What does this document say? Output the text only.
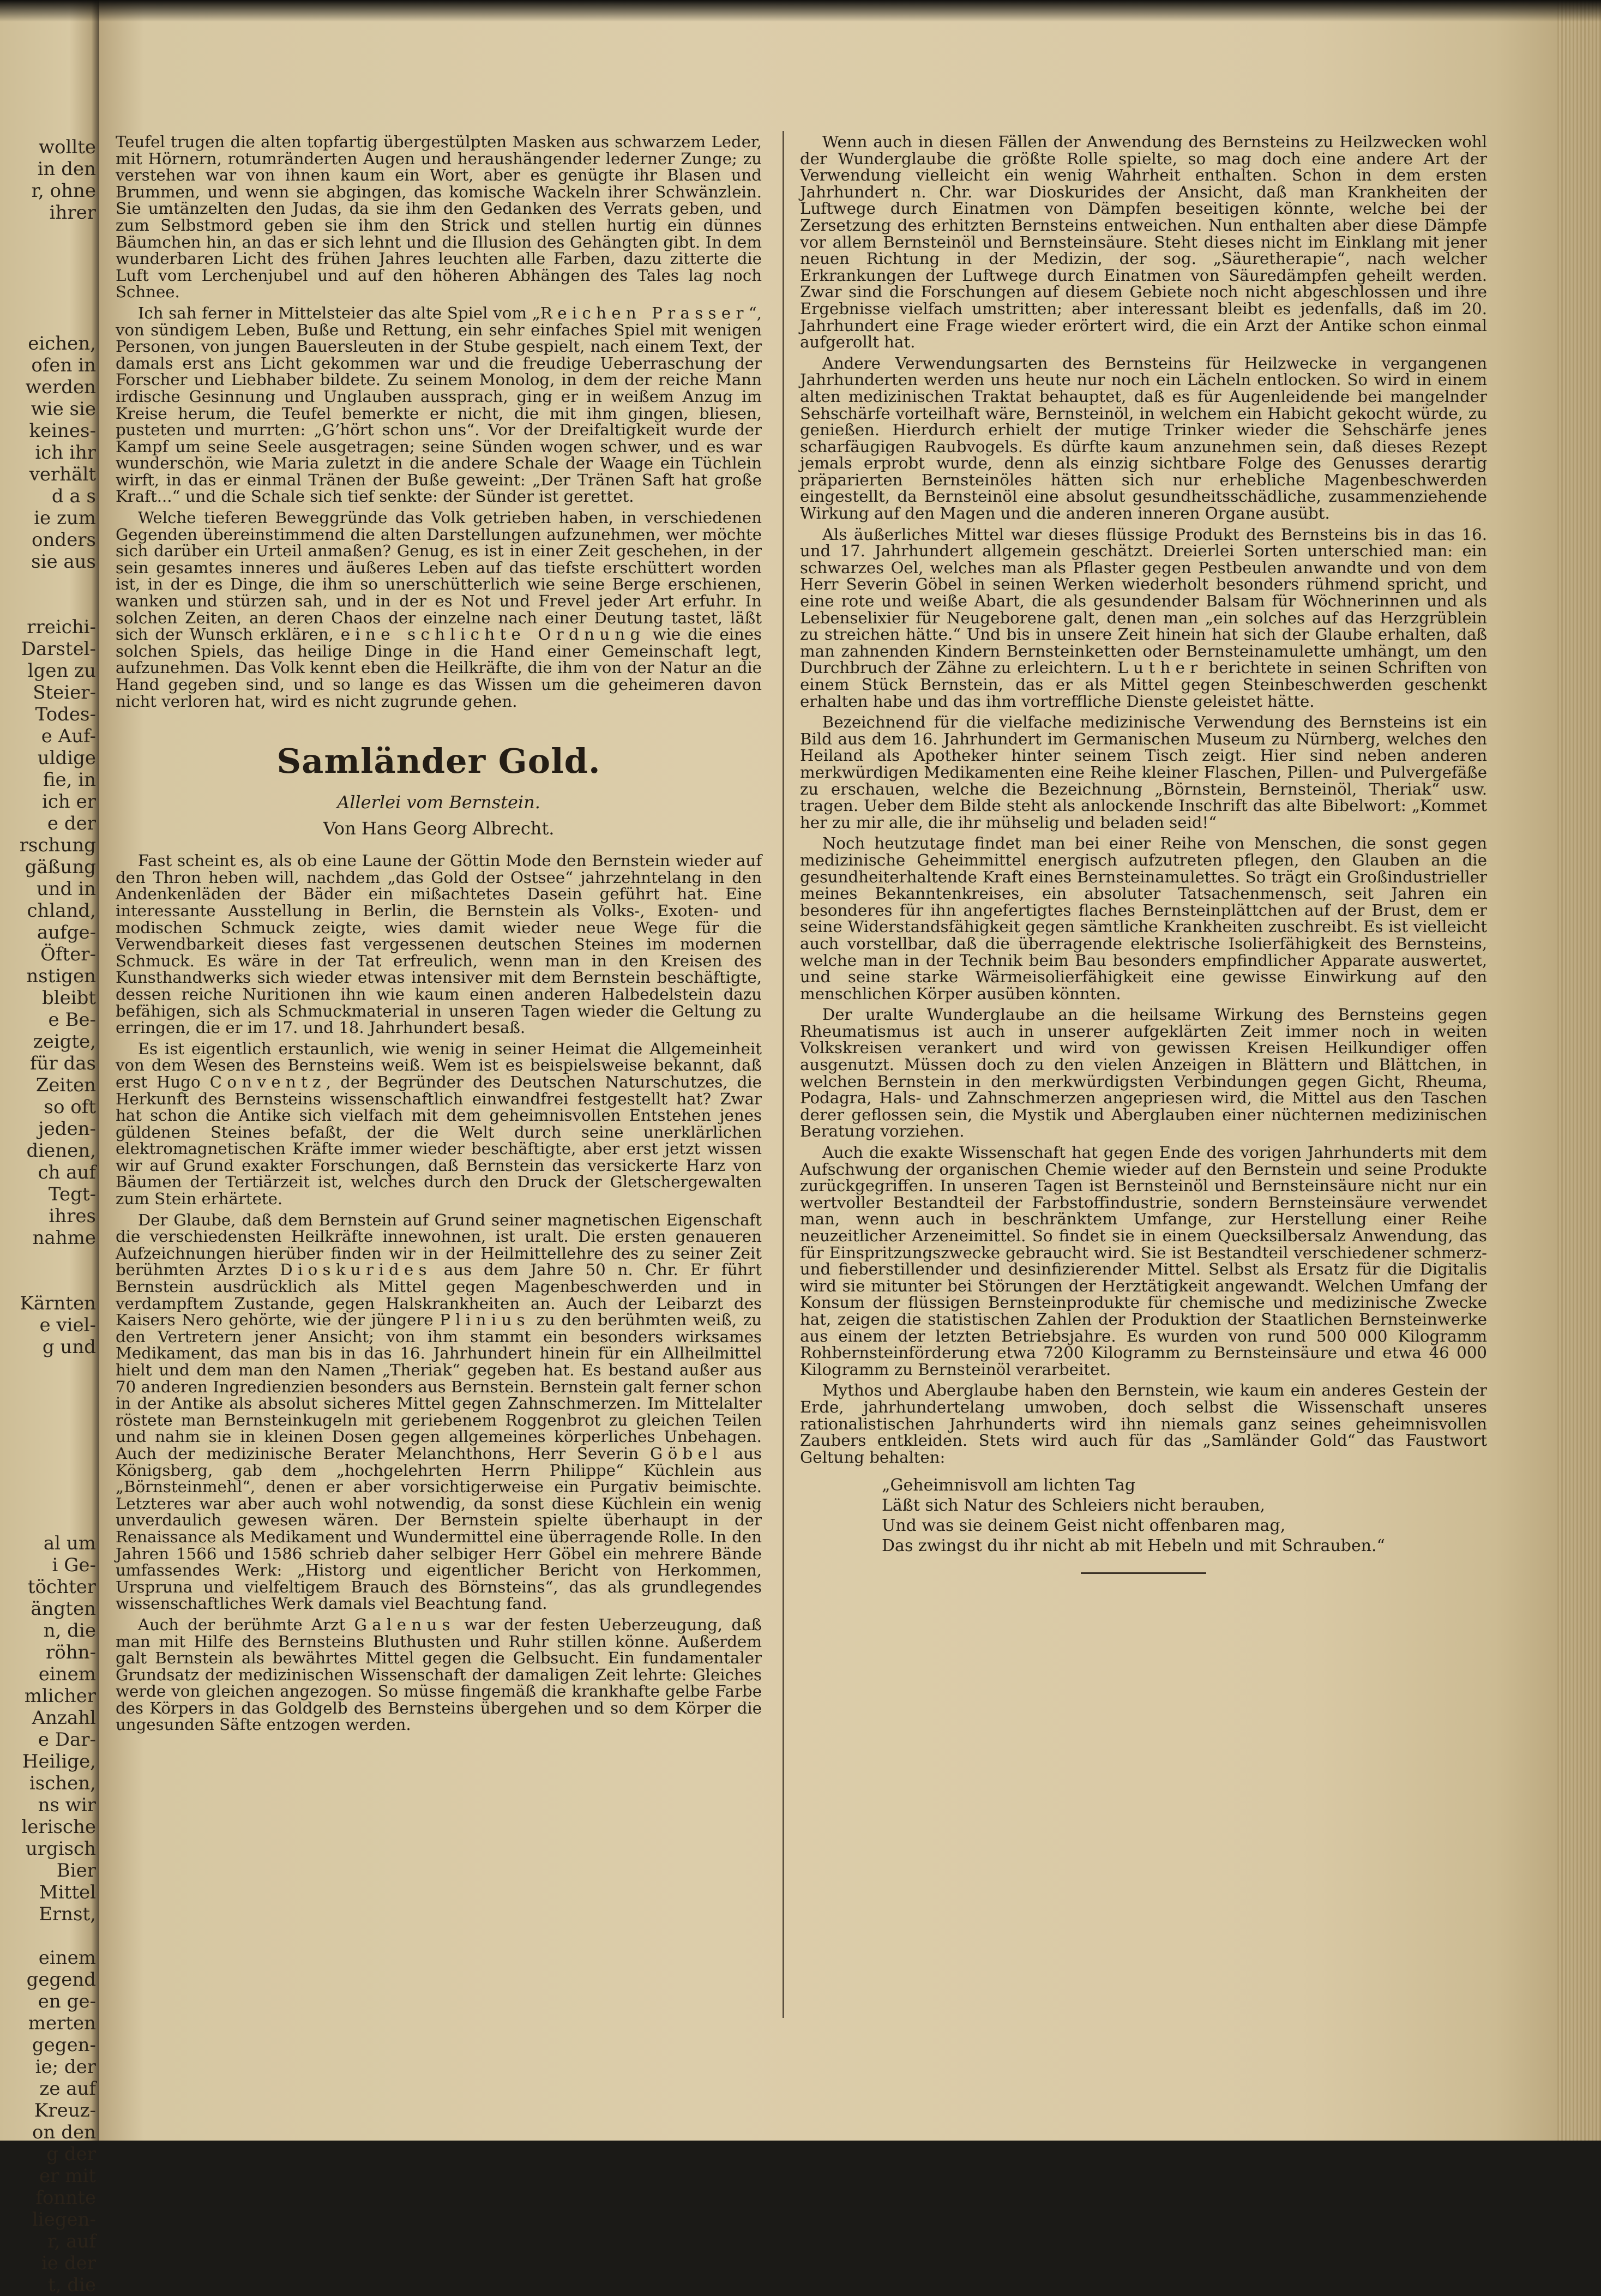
wollte
in den
r, ohne
ihrer
eichen,
ofen in
werden
wie sie
keines-
ich ihr
verhält
d a s
ie zum
onders
sie aus
rreichi-
Darstel-
lgen zu
Steier-
Todes-
e Auf-
uldige
fie, in
ich er
e der
rschung
gäßung
und in
chland,
aufge-
Öfter-
nstigen
bleibt
e Be-
zeigte,
für das
Zeiten
so oft
jeden-
dienen,
ch auf
Tegt-
ihres
nahme
Kärnten
e viel-
g und
al um
i Ge-
töchter
ängten
n, die
röhn-
einem
mlicher
Anzahl
e Dar-
Heilige,
ischen,
ns wir
lerische
urgisch
Bier
Mittel
Ernst,
einem
gegend
en ge-
merten
gegen-
ie; der
ze auf
Kreuz-
on den
g der
er mit
fonnte
liegen-
r, auf
ie der
t, die

Teufel trugen die alten topfartig übergestülpten Masken aus schwarzem Leder, mit Hörnern, rotumränderten Augen und heraushängender lederner Zunge; zu verstehen war von ihnen kaum ein Wort, aber es genügte ihr Blasen und Brummen, und wenn sie abgingen, das komische Wackeln ihrer Schwänzlein. Sie umtänzelten den Judas, da sie ihm den Gedanken des Verrats geben, und zum Selbstmord geben sie ihm den Strick und stellen hurtig ein dünnes Bäumchen hin, an das er sich lehnt und die Illusion des Gehängten gibt. In dem wunderbaren Licht des frühen Jahres leuchten alle Farben, dazu zitterte die Luft vom Lerchenjubel und auf den höheren Abhängen des Tales lag noch Schnee.

Ich sah ferner in Mittelsteier das alte Spiel vom „Reichen Prasser“, von sündigem Leben, Buße und Rettung, ein sehr einfaches Spiel mit wenigen Personen, von jungen Bauersleuten in der Stube gespielt, nach einem Text, der damals erst ans Licht gekommen war und die freudige Ueberraschung der Forscher und Liebhaber bildete. Zu seinem Monolog, in dem der reiche Mann irdische Gesinnung und Unglauben aussprach, ging er in weißem Anzug im Kreise herum, die Teufel bemerkte er nicht, die mit ihm gingen, bliesen, pusteten und murrten: „G’hört schon uns“. Vor der Dreifaltigkeit wurde der Kampf um seine Seele ausgetragen; seine Sünden wogen schwer, und es war wunderschön, wie Maria zuletzt in die andere Schale der Waage ein Tüchlein wirft, in das er einmal Tränen der Buße geweint: „Der Tränen Saft hat große Kraft...“ und die Schale sich tief senkte: der Sünder ist gerettet.

Welche tieferen Beweggründe das Volk getrieben haben, in verschiedenen Gegenden übereinstimmend die alten Darstellungen aufzunehmen, wer möchte sich darüber ein Urteil anmaßen? Genug, es ist in einer Zeit geschehen, in der sein gesamtes inneres und äußeres Leben auf das tiefste erschüttert worden ist, in der es Dinge, die ihm so unerschütterlich wie seine Berge erschienen, wanken und stürzen sah, und in der es Not und Frevel jeder Art erfuhr. In solchen Zeiten, an deren Chaos der einzelne nach einer Deutung tastet, läßt sich der Wunsch erklären, eine schlichte Ordnung wie die eines solchen Spiels, das heilige Dinge in die Hand einer Gemeinschaft legt, aufzunehmen. Das Volk kennt eben die Heilkräfte, die ihm von der Natur an die Hand gegeben sind, und so lange es das Wissen um die geheimeren davon nicht verloren hat, wird es nicht zugrunde gehen.

Samländer Gold.
Allerlei vom Bernstein.
Von Hans Georg Albrecht.

Fast scheint es, als ob eine Laune der Göttin Mode den Bernstein wieder auf den Thron heben will, nachdem „das Gold der Ostsee“ jahrzehntelang in den Andenkenläden der Bäder ein mißachtetes Dasein geführt hat. Eine interessante Ausstellung in Berlin, die Bernstein als Volks-, Exoten- und modischen Schmuck zeigte, wies damit wieder neue Wege für die Verwendbarkeit dieses fast vergessenen deutschen Steines im modernen Schmuck. Es wäre in der Tat erfreulich, wenn man in den Kreisen des Kunsthandwerks sich wieder etwas intensiver mit dem Bernstein beschäftigte, dessen reiche Nuritionen ihn wie kaum einen anderen Halbedelstein dazu befähigen, sich als Schmuckmaterial in unseren Tagen wieder die Geltung zu erringen, die er im 17. und 18. Jahrhundert besaß.

Es ist eigentlich erstaunlich, wie wenig in seiner Heimat die Allgemeinheit von dem Wesen des Bernsteins weiß. Wem ist es beispielsweise bekannt, daß erst Hugo Conventz, der Begründer des Deutschen Naturschutzes, die Herkunft des Bernsteins wissenschaftlich einwandfrei festgestellt hat? Zwar hat schon die Antike sich vielfach mit dem geheimnisvollen Entstehen jenes güldenen Steines befaßt, der die Welt durch seine unerklärlichen elektromagnetischen Kräfte immer wieder beschäftigte, aber erst jetzt wissen wir auf Grund exakter Forschungen, daß Bernstein das versickerte Harz von Bäumen der Tertiärzeit ist, welches durch den Druck der Gletschergewalten zum Stein erhärtete.

Der Glaube, daß dem Bernstein auf Grund seiner magnetischen Eigenschaft die verschiedensten Heilkräfte innewohnen, ist uralt. Die ersten genaueren Aufzeichnungen hierüber finden wir in der Heilmittellehre des zu seiner Zeit berühmten Arztes Dioskurides aus dem Jahre 50 n. Chr. Er führt Bernstein ausdrücklich als Mittel gegen Magenbeschwerden und in verdampftem Zustande, gegen Halskrankheiten an. Auch der Leibarzt des Kaisers Nero gehörte, wie der jüngere Plinius zu den berühmten weiß, zu den Vertretern jener Ansicht; von ihm stammt ein besonders wirksames Medikament, das man bis in das 16. Jahrhundert hinein für ein Allheilmittel hielt und dem man den Namen „Theriak“ gegeben hat. Es bestand außer aus 70 anderen Ingredienzien besonders aus Bernstein. Bernstein galt ferner schon in der Antike als absolut sicheres Mittel gegen Zahnschmerzen. Im Mittelalter röstete man Bernsteinkugeln mit geriebenem Roggenbrot zu gleichen Teilen und nahm sie in kleinen Dosen gegen allgemeines körperliches Unbehagen. Auch der medizinische Berater Melanchthons, Herr Severin Göbel aus Königsberg, gab dem „hochgelehrten Herrn Philippe“ Küchlein aus „Börnsteinmehl“, denen er aber vorsichtigerweise ein Purgativ beimischte. Letzteres war aber auch wohl notwendig, da sonst diese Küchlein ein wenig unverdaulich gewesen wären. Der Bernstein spielte überhaupt in der Renaissance als Medikament und Wundermittel eine überragende Rolle. In den Jahren 1566 und 1586 schrieb daher selbiger Herr Göbel ein mehrere Bände umfassendes Werk: „Historg und eigentlicher Bericht von Herkommen, Urspruna und vielfeltigem Brauch des Börnsteins“, das als grundlegendes wissenschaftliches Werk damals viel Beachtung fand.

Auch der berühmte Arzt Galenus war der festen Ueberzeugung, daß man mit Hilfe des Bernsteins Bluthusten und Ruhr stillen könne. Außerdem galt Bernstein als bewährtes Mittel gegen die Gelbsucht. Ein fundamentaler Grundsatz der medizinischen Wissenschaft der damaligen Zeit lehrte: Gleiches werde von gleichen angezogen. So müsse fingemäß die krankhafte gelbe Farbe des Körpers in das Goldgelb des Bernsteins übergehen und so dem Körper die ungesunden Säfte entzogen werden.

Wenn auch in diesen Fällen der Anwendung des Bernsteins zu Heilzwecken wohl der Wunderglaube die größte Rolle spielte, so mag doch eine andere Art der Verwendung vielleicht ein wenig Wahrheit enthalten. Schon in dem ersten Jahrhundert n. Chr. war Dioskurides der Ansicht, daß man Krankheiten der Luftwege durch Einatmen von Dämpfen beseitigen könnte, welche bei der Zersetzung des erhitzten Bernsteins entweichen. Nun enthalten aber diese Dämpfe vor allem Bernsteinöl und Bernsteinsäure. Steht dieses nicht im Einklang mit jener neuen Richtung in der Medizin, der sog. „Säuretherapie“, nach welcher Erkrankungen der Luftwege durch Einatmen von Säuredämpfen geheilt werden. Zwar sind die Forschungen auf diesem Gebiete noch nicht abgeschlossen und ihre Ergebnisse vielfach umstritten; aber interessant bleibt es jedenfalls, daß im 20. Jahrhundert eine Frage wieder erörtert wird, die ein Arzt der Antike schon einmal aufgerollt hat.

Andere Verwendungsarten des Bernsteins für Heilzwecke in vergangenen Jahrhunderten werden uns heute nur noch ein Lächeln entlocken. So wird in einem alten medizinischen Traktat behauptet, daß es für Augenleidende bei mangelnder Sehschärfe vorteilhaft wäre, Bernsteinöl, in welchem ein Habicht gekocht würde, zu genießen. Hierdurch erhielt der mutige Trinker wieder die Sehschärfe jenes scharfäugigen Raubvogels. Es dürfte kaum anzunehmen sein, daß dieses Rezept jemals erprobt wurde, denn als einzig sichtbare Folge des Genusses derartig präparierten Bernsteinöles hätten sich nur erhebliche Magenbeschwerden eingestellt, da Bernsteinöl eine absolut gesundheitsschädliche, zusammenziehende Wirkung auf den Magen und die anderen inneren Organe ausübt.

Als äußerliches Mittel war dieses flüssige Produkt des Bernsteins bis in das 16. und 17. Jahrhundert allgemein geschätzt. Dreierlei Sorten unterschied man: ein schwarzes Oel, welches man als Pflaster gegen Pestbeulen anwandte und von dem Herr Severin Göbel in seinen Werken wiederholt besonders rühmend spricht, und eine rote und weiße Abart, die als gesundender Balsam für Wöchnerinnen und als Lebenselixier für Neugeborene galt, denen man „ein solches auf das Herzgrüblein zu streichen hätte.“ Und bis in unsere Zeit hinein hat sich der Glaube erhalten, daß man zahnenden Kindern Bernsteinketten oder Bernsteinamulette umhängt, um den Durchbruch der Zähne zu erleichtern. Luther berichtete in seinen Schriften von einem Stück Bernstein, das er als Mittel gegen Steinbeschwerden geschenkt erhalten habe und das ihm vortreffliche Dienste geleistet hätte.

Bezeichnend für die vielfache medizinische Verwendung des Bernsteins ist ein Bild aus dem 16. Jahrhundert im Germanischen Museum zu Nürnberg, welches den Heiland als Apotheker hinter seinem Tisch zeigt. Hier sind neben anderen merkwürdigen Medikamenten eine Reihe kleiner Flaschen, Pillen- und Pulvergefäße zu erschauen, welche die Bezeichnung „Börnstein, Bernsteinöl, Theriak“ usw. tragen. Ueber dem Bilde steht als anlockende Inschrift das alte Bibelwort: „Kommet her zu mir alle, die ihr mühselig und beladen seid!“

Noch heutzutage findet man bei einer Reihe von Menschen, die sonst gegen medizinische Geheimmittel energisch aufzutreten pflegen, den Glauben an die gesundheiterhaltende Kraft eines Bernsteinamulettes. So trägt ein Großindustrieller meines Bekanntenkreises, ein absoluter Tatsachenmensch, seit Jahren ein besonderes für ihn angefertigtes flaches Bernsteinplättchen auf der Brust, dem er seine Widerstandsfähigkeit gegen sämtliche Krankheiten zuschreibt. Es ist vielleicht auch vorstellbar, daß die überragende elektrische Isolierfähigkeit des Bernsteins, welche man in der Technik beim Bau besonders empfindlicher Apparate auswertet, und seine starke Wärmeisolierfähigkeit eine gewisse Einwirkung auf den menschlichen Körper ausüben könnten.

Der uralte Wunderglaube an die heilsame Wirkung des Bernsteins gegen Rheumatismus ist auch in unserer aufgeklärten Zeit immer noch in weiten Volkskreisen verankert und wird von gewissen Kreisen Heilkundiger offen ausgenutzt. Müssen doch zu den vielen Anzeigen in Blättern und Blättchen, in welchen Bernstein in den merkwürdigsten Verbindungen gegen Gicht, Rheuma, Podagra, Hals- und Zahnschmerzen angepriesen wird, die Mittel aus den Taschen derer geflossen sein, die Mystik und Aberglauben einer nüchternen medizinischen Beratung vorziehen.

Auch die exakte Wissenschaft hat gegen Ende des vorigen Jahrhunderts mit dem Aufschwung der organischen Chemie wieder auf den Bernstein und seine Produkte zurückgegriffen. In unseren Tagen ist Bernsteinöl und Bernsteinsäure nicht nur ein wertvoller Bestandteil der Farbstoffindustrie, sondern Bernsteinsäure verwendet man, wenn auch in beschränktem Umfange, zur Herstellung einer Reihe neuzeitlicher Arzeneimittel. So findet sie in einem Quecksilbersalz Anwendung, das für Einspritzungszwecke gebraucht wird. Sie ist Bestandteil verschiedener schmerz- und fieberstillender und desinfizierender Mittel. Selbst als Ersatz für die Digitalis wird sie mitunter bei Störungen der Herztätigkeit angewandt. Welchen Umfang der Konsum der flüssigen Bernsteinprodukte für chemische und medizinische Zwecke hat, zeigen die statistischen Zahlen der Produktion der Staatlichen Bernsteinwerke aus einem der letzten Betriebsjahre. Es wurden von rund 500 000 Kilogramm Rohbernsteinförderung etwa 7200 Kilogramm zu Bernsteinsäure und etwa 46 000 Kilogramm zu Bernsteinöl verarbeitet.

Mythos und Aberglaube haben den Bernstein, wie kaum ein anderes Gestein der Erde, jahrhundertelang umwoben, doch selbst die Wissenschaft unseres rationalistischen Jahrhunderts wird ihn niemals ganz seines geheimnisvollen Zaubers entkleiden. Stets wird auch für das „Samländer Gold“ das Faustwort Geltung behalten:

„Geheimnisvoll am lichten Tag
Läßt sich Natur des Schleiers nicht berauben,
Und was sie deinem Geist nicht offenbaren mag,
Das zwingst du ihr nicht ab mit Hebeln und mit Schrauben.“
